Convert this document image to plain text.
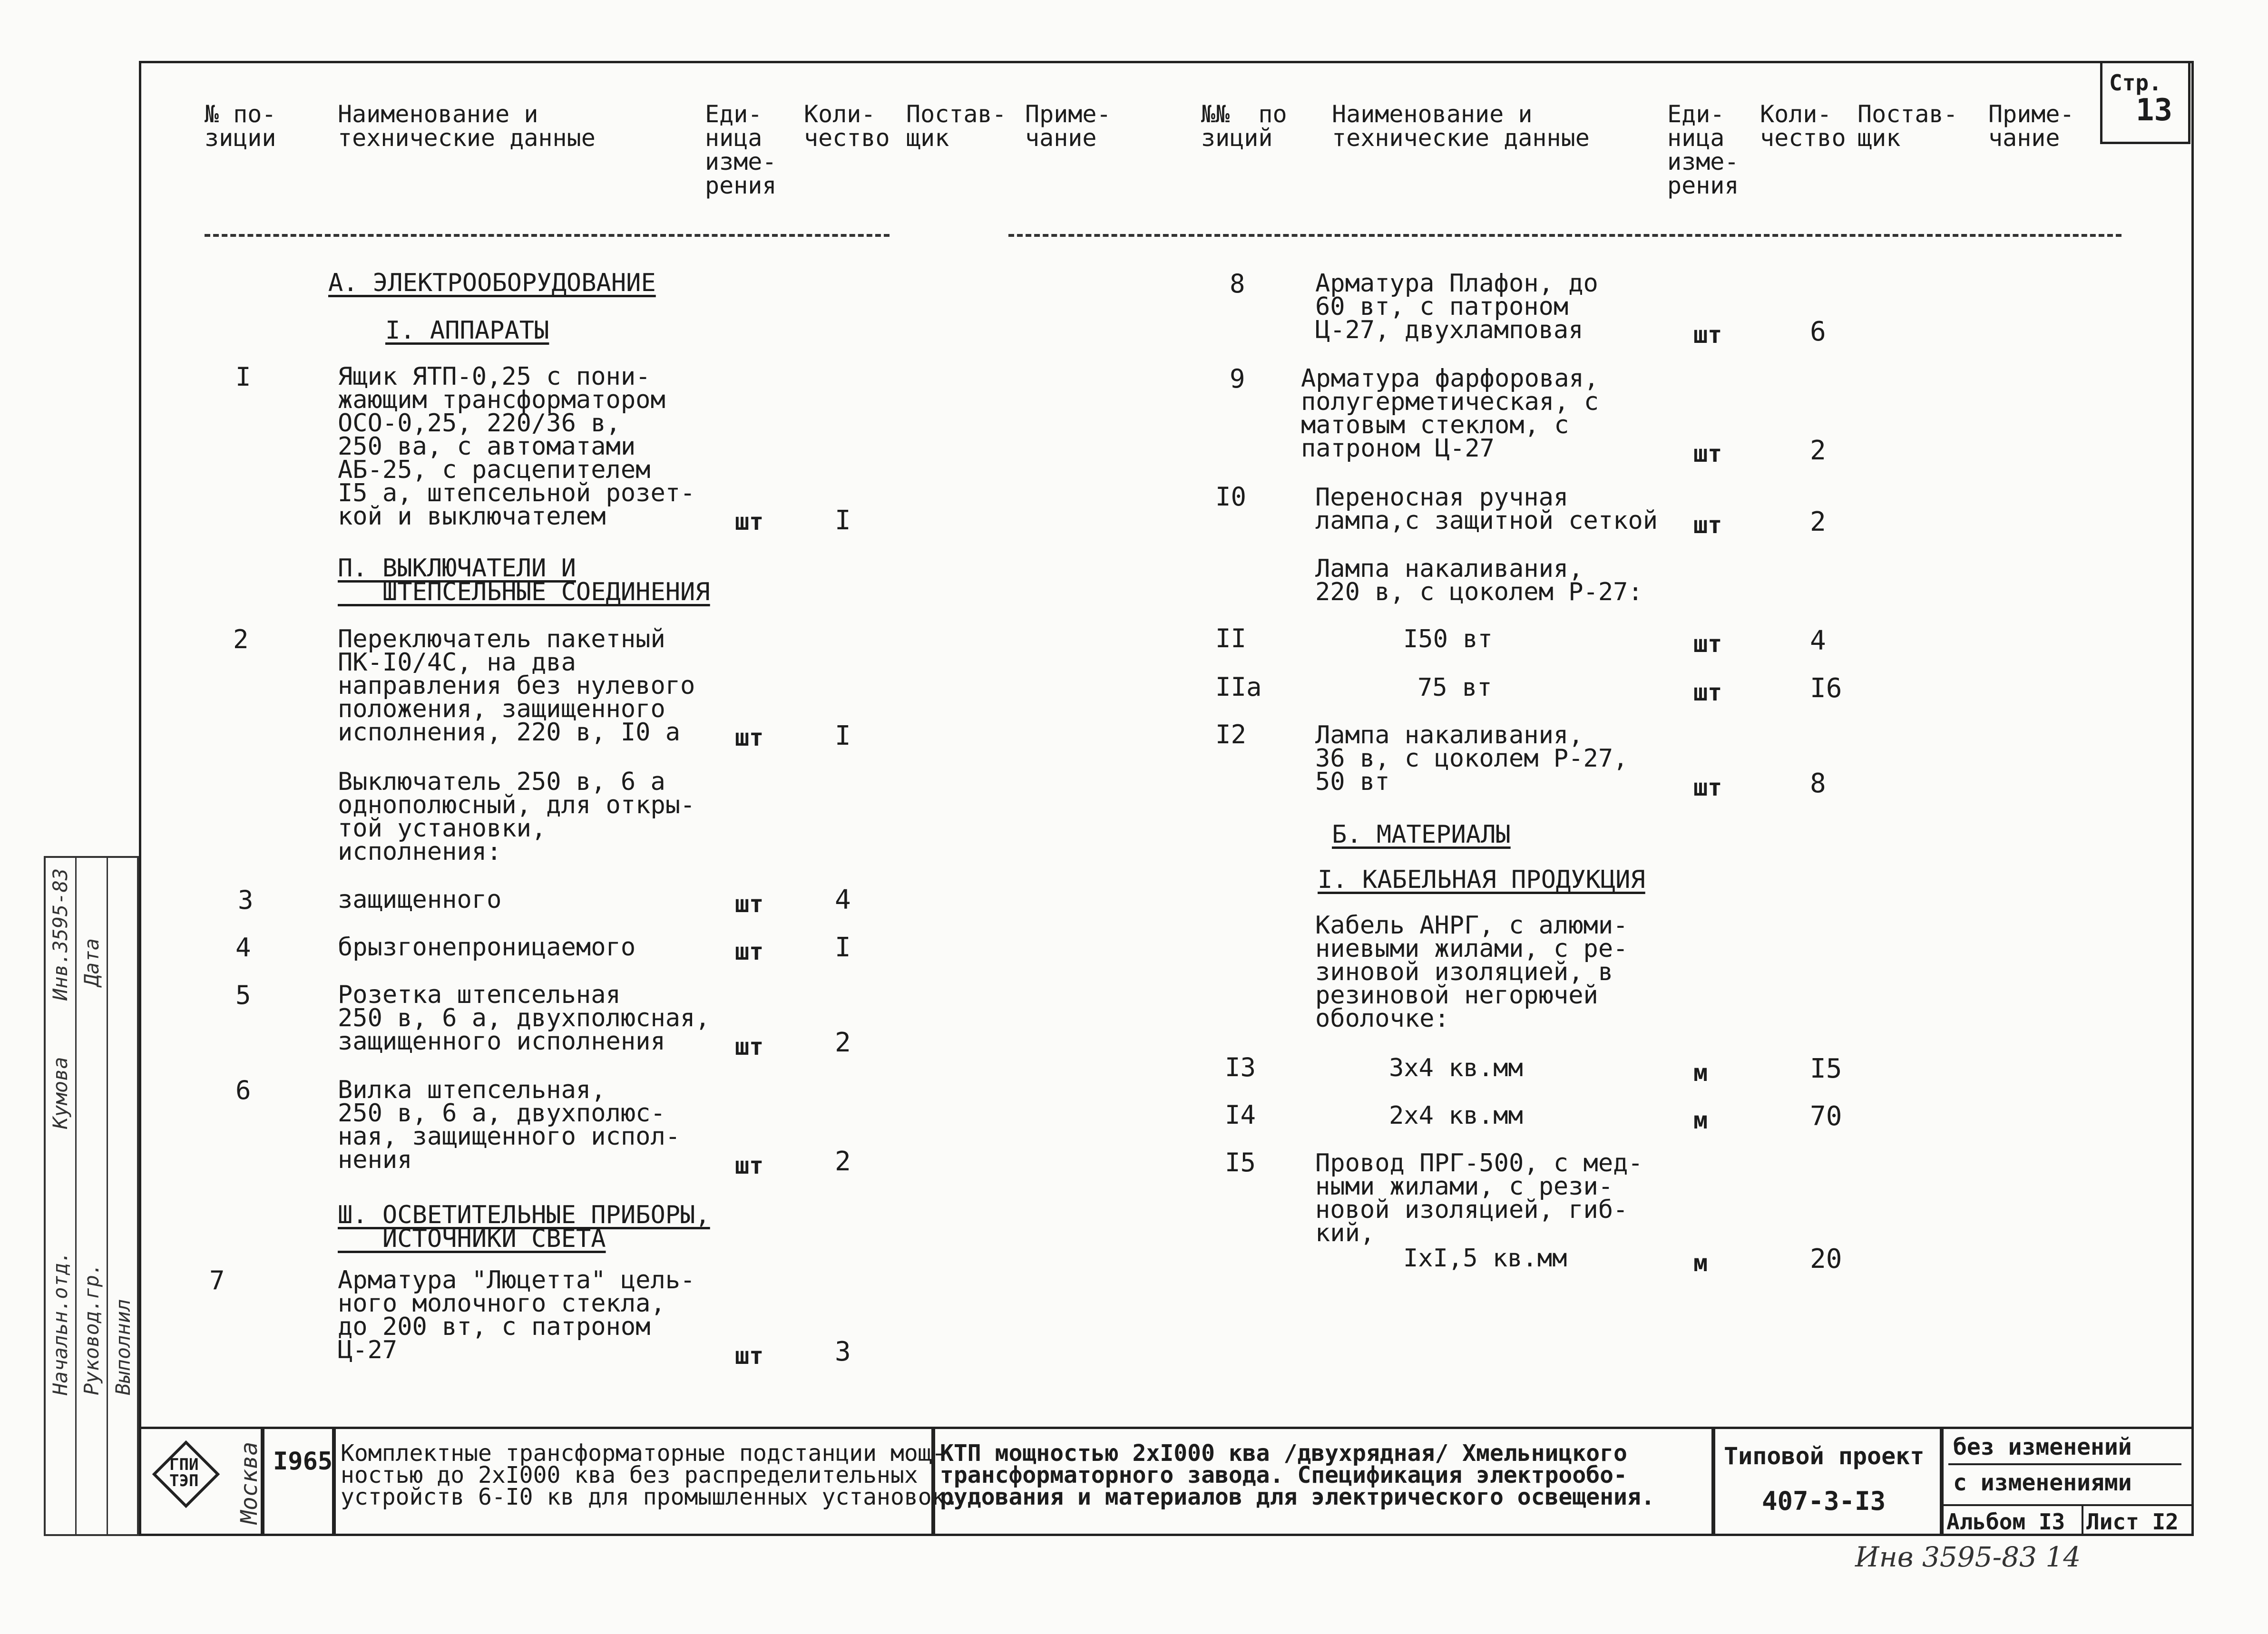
Стр.
13
№ по-
зиции
Наименование и
технические данные
Еди-
ница
изме-
рения
Коли-
чество
Постав-
щик
Приме-
чание
№№  по
зиций
Наименование и
технические данные
Еди-
ница
изме-
рения
Коли-
чество
Постав-
щик
Приме-
чание
А. ЭЛЕКТРООБОРУДОВАНИЕ
I. АППАРАТЫ
П. ВЫКЛЮЧАТЕЛИ И
ШТЕПСЕЛЬНЫЕ СОЕДИНЕНИЯ
Ш. ОСВЕТИТЕЛЬНЫЕ ПРИБОРЫ,
ИСТОЧНИКИ СВЕТА
Б. МАТЕРИАЛЫ
I. КАБЕЛЬНАЯ ПРОДУКЦИЯ
I	Ящик ЯТП-0,25 с пони-
жающим трансформатором
ОСО-0,25, 220/36 в,
250 ва, с автоматами
АБ-25, с расцепителем
I5 а, штепсельной розет-
кой и выключателем	шт	I
2	Переключатель пакетный
ПК-I0/4С, на два
направления без нулевого
положения, защищенного
исполнения, 220 в, I0 а	шт	I
Выключатель 250 в, 6 а
однополюсный, для откры-
той установки,
исполнения:
3	защищенного	шт	4
4	брызгонепроницаемого	шт	I
5	Розетка штепсельная
250 в, 6 а, двухполюсная,
защищенного исполнения	шт	2
6	Вилка штепсельная,
250 в, 6 а, двухполюс-
ная, защищенного испол-
нения	шт	2
7	Арматура "Люцетта" цель-
ного молочного стекла,
до 200 вт, с патроном
Ц-27	шт	3
8	Арматура Плафон, до
60 вт, с патроном
Ц-27, двухламповая	шт	6
9 Арматура фарфоровая,
полугерметическая, с
матовым стеклом, с
патроном Ц-27	шт	2
I0	Переносная ручная
лампа,с защитной сеткой шт	2
Лампа накаливания,
220 в, с цоколем Р-27:
II	I50 вт	шт	4
IIа	75 вт	шт	I6
I2	Лампа накаливания,
36 в, с цоколем Р-27,
50 вт	шт	8
Кабель АНРГ, с алюми-
ниевыми жилами, с ре-
зиновой изоляцией, в
резиновой негорючей
оболочке:
I3	3х4 кв.мм	м	I5
I4	2х4 кв.мм	м	70
I5 Провод ПРГ-500, с мед-
ными жилами, с рези-
новой изоляцией, гиб-
кий,
IхI,5 кв.мм	м	20
Начальн.отд. Руковод.гр. Выполнил
Кумова
Дата
Инв.3595-83
ГПИ
ТЭП Москва I965 Комплектные трансформаторные подстанции мощ-
ностью до 2хI000 ква без распределительных
устройств 6-I0 кв для промышленных установок.
КТП мощностью 2хI000 ква /двухрядная/ Хмельницкого
трансформаторного завода. Спецификация электрообо-
рудования и материалов для электрического освещения.
Типовой проект
407-3-I3
без изменений
с изменениями
Альбом I3 Лист I2
Инв 3595-83 14
